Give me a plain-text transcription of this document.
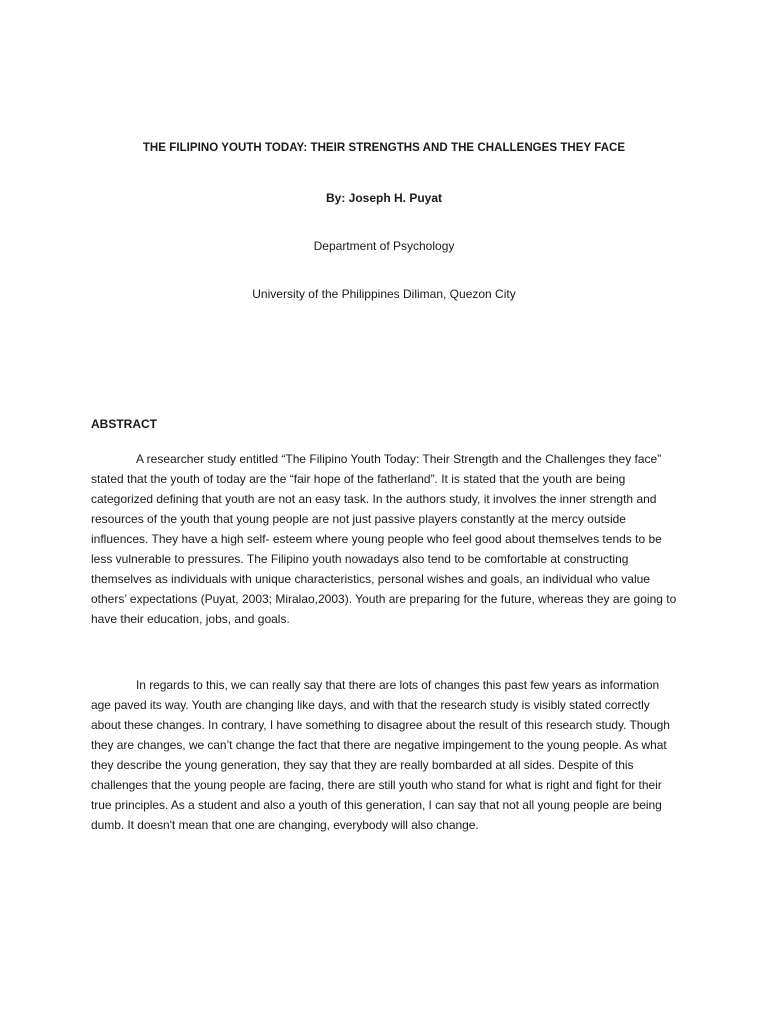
THE FILIPINO YOUTH TODAY: THEIR STRENGTHS AND THE CHALLENGES THEY FACE
By: Joseph H. Puyat
Department of Psychology
University of the Philippines Diliman, Quezon City
ABSTRACT

A researcher study entitled “The Filipino Youth Today: Their Strength and the Challenges they face” stated that the youth of today are the “fair hope of the fatherland”. It is stated that the youth are being categorized defining that youth are not an easy task. In the authors study, it involves the inner strength and resources of the youth that young people are not just passive players constantly at the mercy outside influences. They have a high self- esteem where young people who feel good about themselves tends to be less vulnerable to pressures. The Filipino youth nowadays also tend to be comfortable at constructing themselves as individuals with unique characteristics, personal wishes and goals, an individual who value others’ expectations (Puyat, 2003; Miralao,2003). Youth are preparing for the future, whereas they are going to have their education, jobs, and goals.

In regards to this, we can really say that there are lots of changes this past few years as information age paved its way. Youth are changing like days, and with that the research study is visibly stated correctly about these changes. In contrary, I have something to disagree about the result of this research study. Though they are changes, we can’t change the fact that there are negative impingement to the young people. As what they describe the young generation, they say that they are really bombarded at all sides. Despite of this challenges that the young people are facing, there are still youth who stand for what is right and fight for their true principles. As a student and also a youth of this generation, I can say that not all young people are being dumb. It doesn't mean that one are changing, everybody will also change.
